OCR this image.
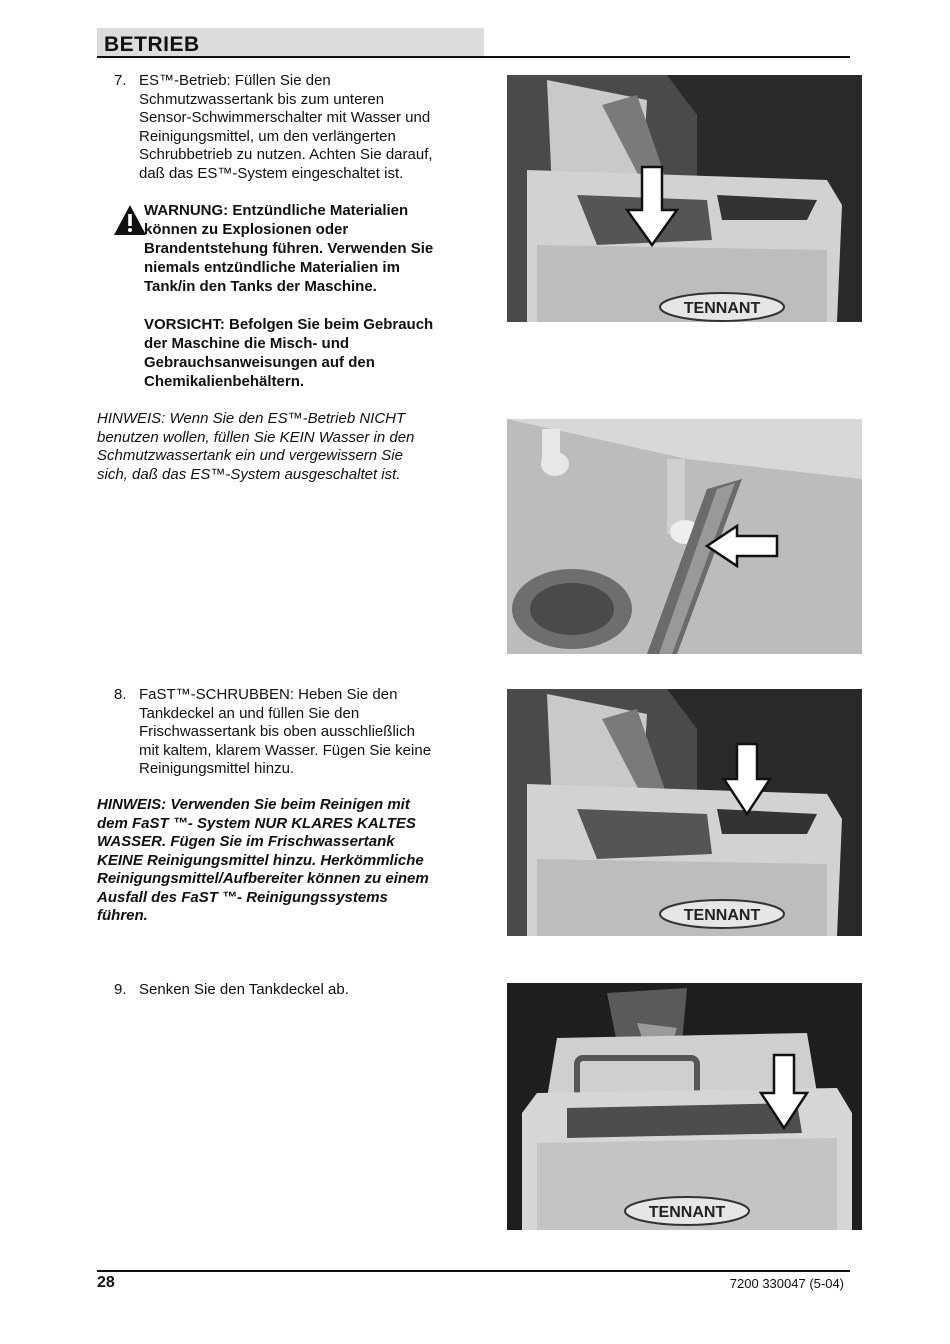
BETRIEB
7. ES™-Betrieb: Füllen Sie den
Schmutzwassertank bis zum unteren
Sensor-Schwimmerschalter mit Wasser und
Reinigungsmittel, um den verlängerten
Schrubbetrieb zu nutzen. Achten Sie darauf,
daß das ES™-System eingeschaltet ist.

WARNUNG: Entzündliche Materialien
können zu Explosionen oder
Brandentstehung führen. Verwenden Sie
niemals entzündliche Materialien im
Tank/in den Tanks der Maschine.

VORSICHT: Befolgen Sie beim Gebrauch
der Maschine die Misch- und
Gebrauchsanweisungen auf den
Chemikalienbehältern.

HINWEIS: Wenn Sie den ES™-Betrieb NICHT
benutzen wollen, füllen Sie KEIN Wasser in den
Schmutzwassertank ein und vergewissern Sie
sich, daß das ES™-System ausgeschaltet ist.
8. FaST™-SCHRUBBEN: Heben Sie den
Tankdeckel an und füllen Sie den
Frischwassertank bis oben ausschließlich
mit kaltem, klarem Wasser. Fügen Sie keine
Reinigungsmittel hinzu.
HINWEIS: Verwenden Sie beim Reinigen mit
dem FaST ™- System NUR KLARES KALTES
WASSER. Fügen Sie im Frischwassertank
KEINE Reinigungsmittel hinzu. Herkömmliche
Reinigungsmittel/Aufbereiter können zu einem
Ausfall des FaST ™- Reinigungssystems
führen.
9. Senken Sie den Tankdeckel ab.
TENNANT
TENNANT
TENNANT
28	7200 330047 (5-04)
